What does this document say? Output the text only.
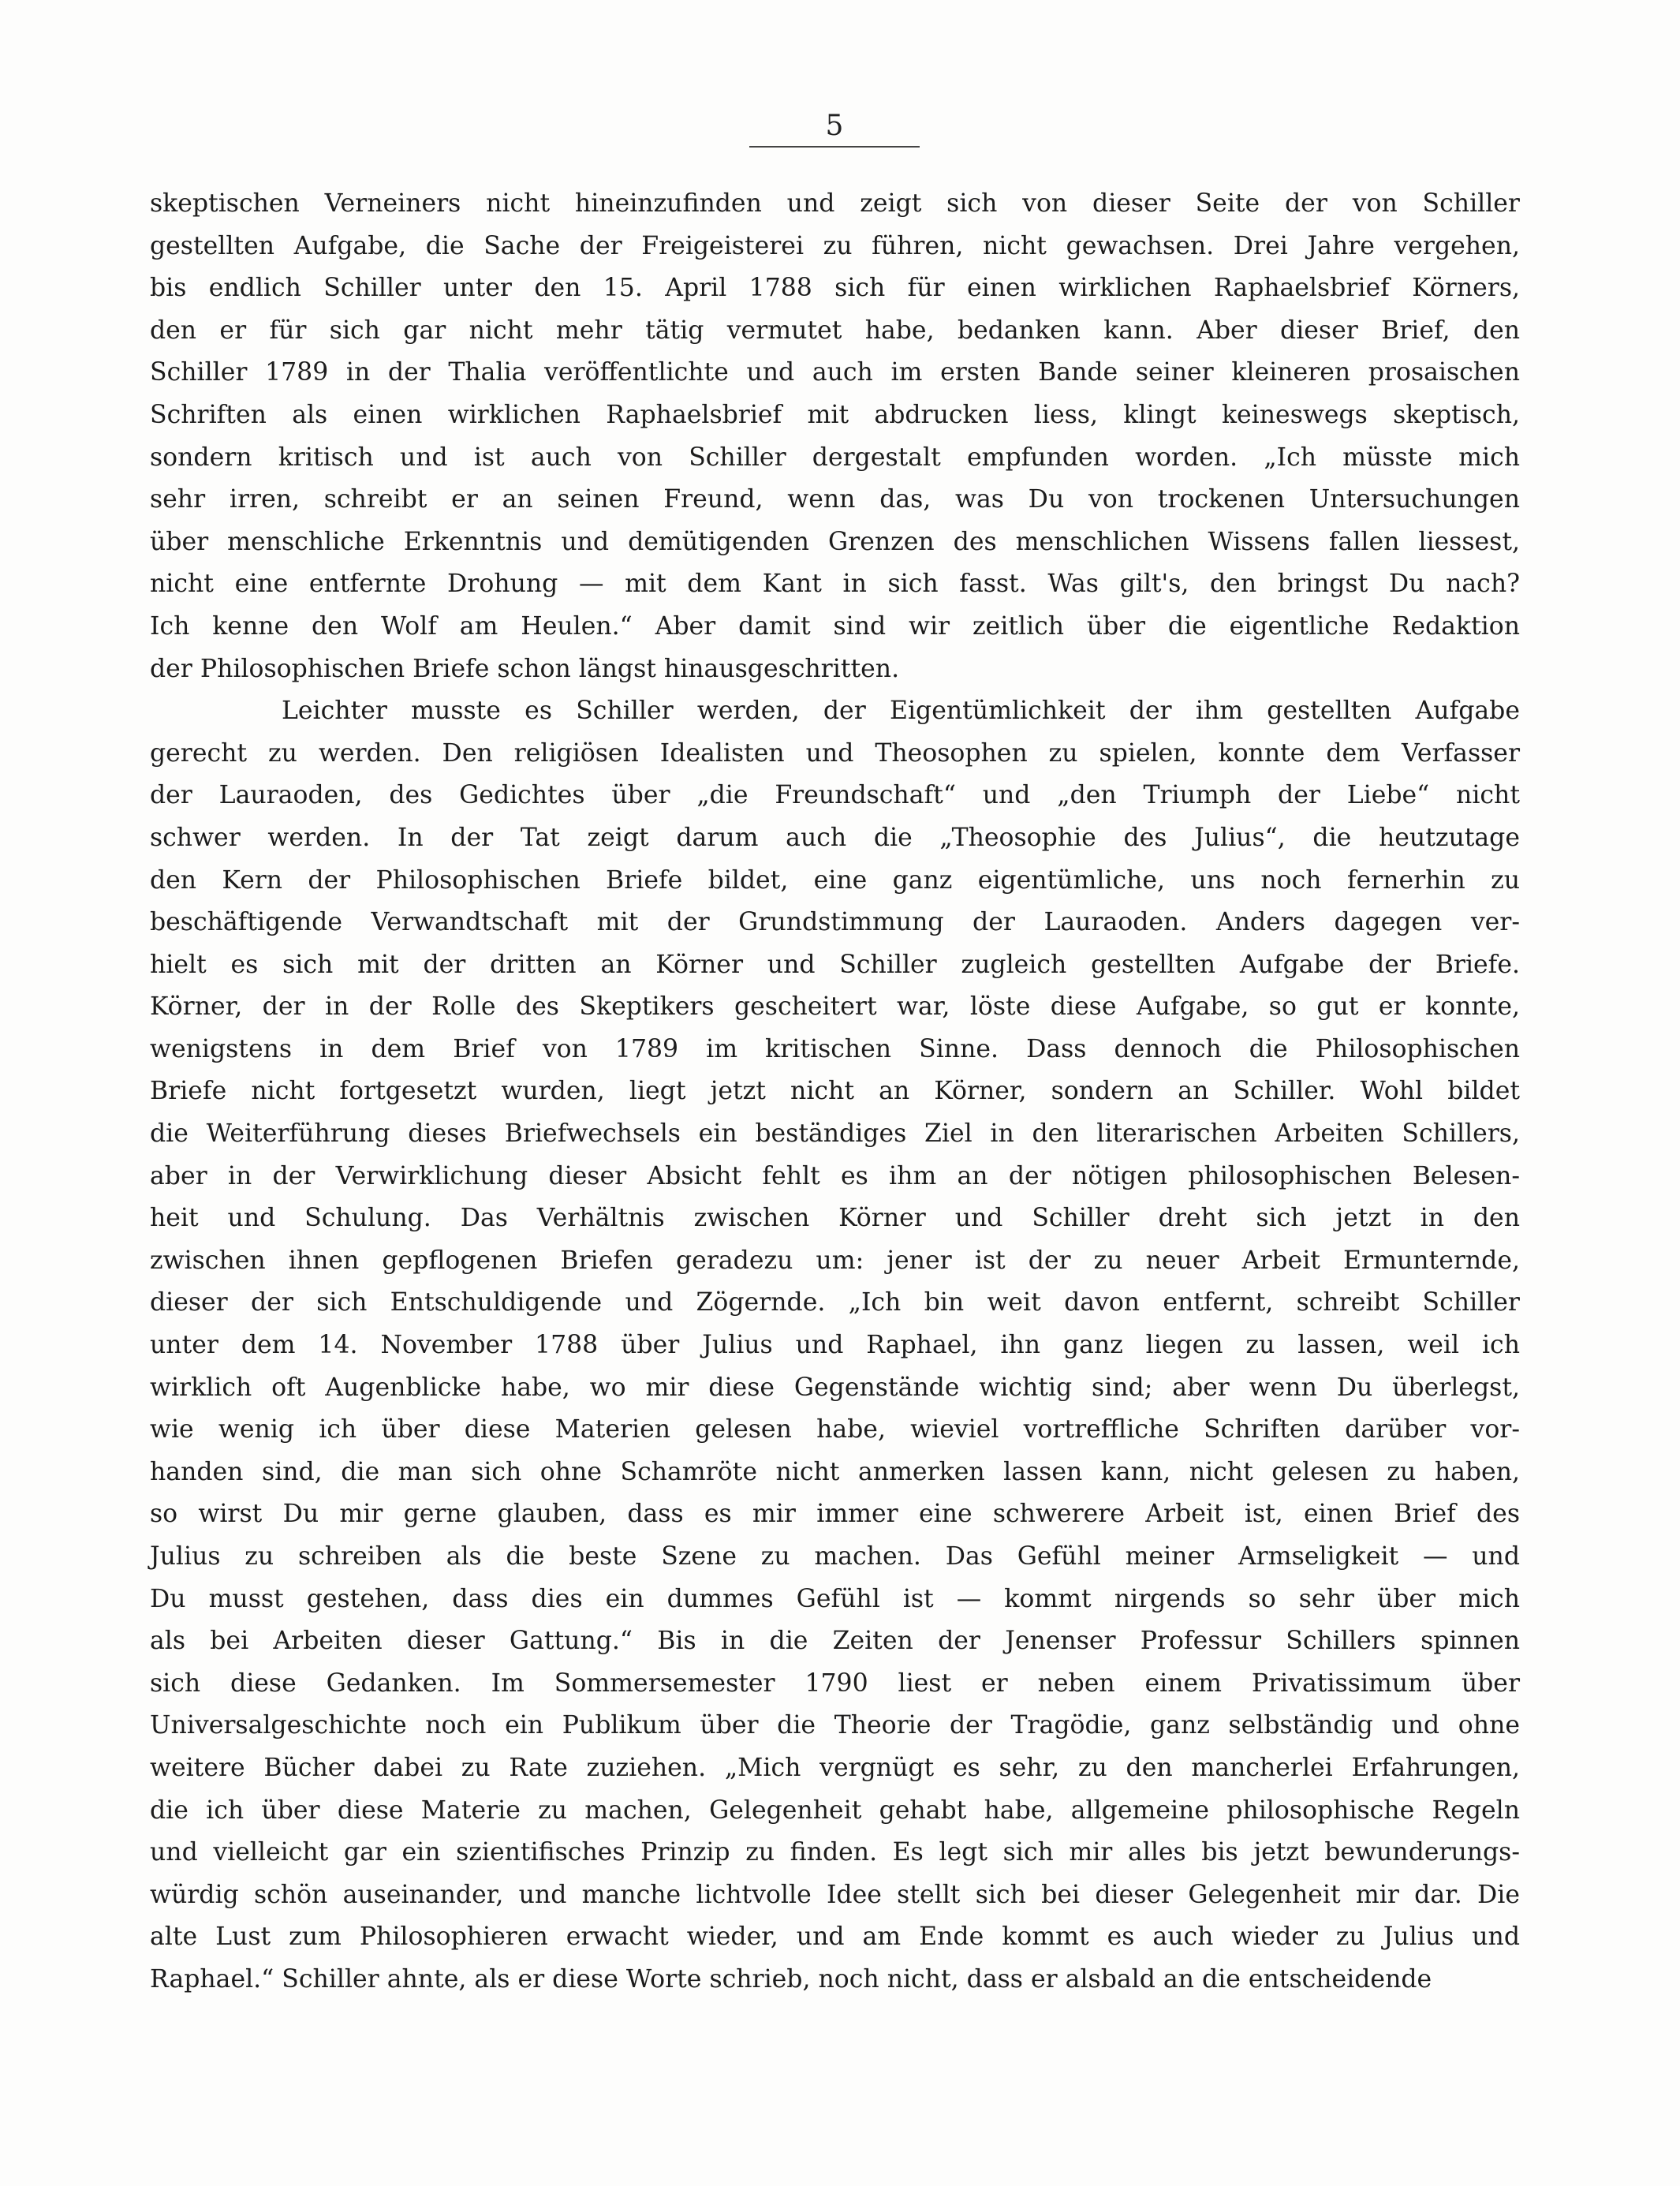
5
skeptischen Verneiners nicht hineinzufinden und zeigt sich von dieser Seite der von Schiller
gestellten Aufgabe, die Sache der Freigeisterei zu führen, nicht gewachsen. Drei Jahre vergehen,
bis endlich Schiller unter den 15. April 1788 sich für einen wirklichen Raphaelsbrief Körners,
den er für sich gar nicht mehr tätig vermutet habe, bedanken kann. Aber dieser Brief, den
Schiller 1789 in der Thalia veröffentlichte und auch im ersten Bande seiner kleineren prosaischen
Schriften als einen wirklichen Raphaelsbrief mit abdrucken liess, klingt keineswegs skeptisch,
sondern kritisch und ist auch von Schiller dergestalt empfunden worden. „Ich müsste mich
sehr irren, schreibt er an seinen Freund, wenn das, was Du von trockenen Untersuchungen
über menschliche Erkenntnis und demütigenden Grenzen des menschlichen Wissens fallen liessest,
nicht eine entfernte Drohung — mit dem Kant in sich fasst. Was gilt's, den bringst Du nach?
Ich kenne den Wolf am Heulen.“ Aber damit sind wir zeitlich über die eigentliche Redaktion
der Philosophischen Briefe schon längst hinausgeschritten.
Leichter musste es Schiller werden, der Eigentümlichkeit der ihm gestellten Aufgabe
gerecht zu werden. Den religiösen Idealisten und Theosophen zu spielen, konnte dem Verfasser
der Lauraoden, des Gedichtes über „die Freundschaft“ und „den Triumph der Liebe“ nicht
schwer werden. In der Tat zeigt darum auch die „Theosophie des Julius“, die heutzutage
den Kern der Philosophischen Briefe bildet, eine ganz eigentümliche, uns noch fernerhin zu
beschäftigende Verwandtschaft mit der Grundstimmung der Lauraoden. Anders dagegen ver-
hielt es sich mit der dritten an Körner und Schiller zugleich gestellten Aufgabe der Briefe.
Körner, der in der Rolle des Skeptikers gescheitert war, löste diese Aufgabe, so gut er konnte,
wenigstens in dem Brief von 1789 im kritischen Sinne. Dass dennoch die Philosophischen
Briefe nicht fortgesetzt wurden, liegt jetzt nicht an Körner, sondern an Schiller. Wohl bildet
die Weiterführung dieses Briefwechsels ein beständiges Ziel in den literarischen Arbeiten Schillers,
aber in der Verwirklichung dieser Absicht fehlt es ihm an der nötigen philosophischen Belesen-
heit und Schulung. Das Verhältnis zwischen Körner und Schiller dreht sich jetzt in den
zwischen ihnen gepflogenen Briefen geradezu um: jener ist der zu neuer Arbeit Ermunternde,
dieser der sich Entschuldigende und Zögernde. „Ich bin weit davon entfernt, schreibt Schiller
unter dem 14. November 1788 über Julius und Raphael, ihn ganz liegen zu lassen, weil ich
wirklich oft Augenblicke habe, wo mir diese Gegenstände wichtig sind; aber wenn Du überlegst,
wie wenig ich über diese Materien gelesen habe, wieviel vortreffliche Schriften darüber vor-
handen sind, die man sich ohne Schamröte nicht anmerken lassen kann, nicht gelesen zu haben,
so wirst Du mir gerne glauben, dass es mir immer eine schwerere Arbeit ist, einen Brief des
Julius zu schreiben als die beste Szene zu machen. Das Gefühl meiner Armseligkeit — und
Du musst gestehen, dass dies ein dummes Gefühl ist — kommt nirgends so sehr über mich
als bei Arbeiten dieser Gattung.“ Bis in die Zeiten der Jenenser Professur Schillers spinnen
sich diese Gedanken. Im Sommersemester 1790 liest er neben einem Privatissimum über
Universalgeschichte noch ein Publikum über die Theorie der Tragödie, ganz selbständig und ohne
weitere Bücher dabei zu Rate zuziehen. „Mich vergnügt es sehr, zu den mancherlei Erfahrungen,
die ich über diese Materie zu machen, Gelegenheit gehabt habe, allgemeine philosophische Regeln
und vielleicht gar ein szientifisches Prinzip zu finden. Es legt sich mir alles bis jetzt bewunderungs-
würdig schön auseinander, und manche lichtvolle Idee stellt sich bei dieser Gelegenheit mir dar. Die
alte Lust zum Philosophieren erwacht wieder, und am Ende kommt es auch wieder zu Julius und
Raphael.“ Schiller ahnte, als er diese Worte schrieb, noch nicht, dass er alsbald an die entscheidende
